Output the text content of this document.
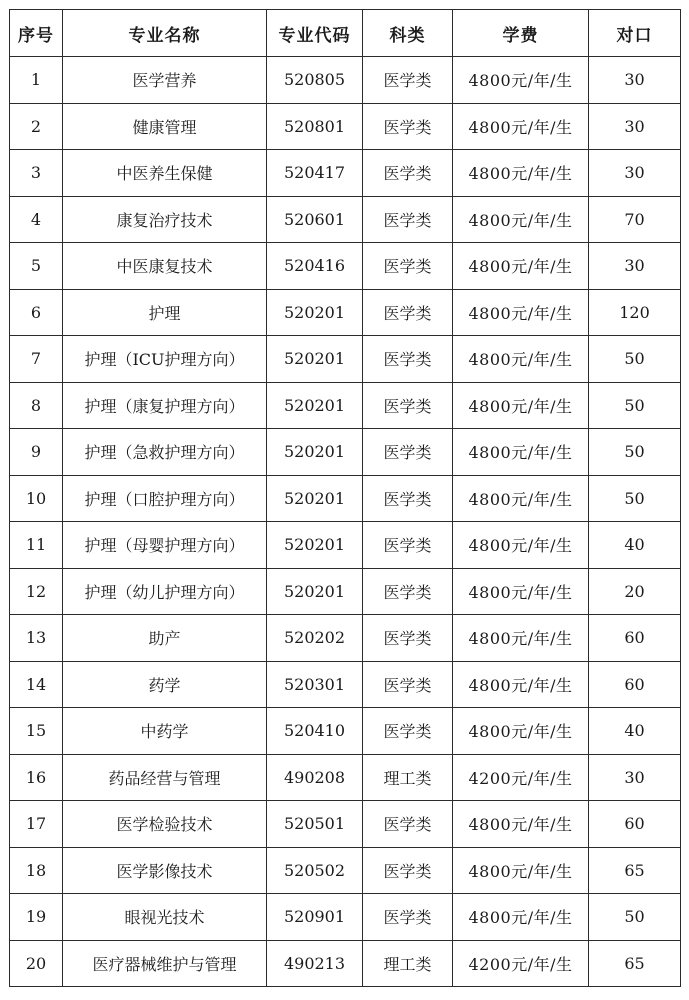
序号	专业名称	专业代码	科类	学费	对口
1	医学营养	520805	医学类	4800元/年/生	30
2	健康管理	520801	医学类	4800元/年/生	30
3	中医养生保健	520417	医学类	4800元/年/生	30
4	康复治疗技术	520601	医学类	4800元/年/生	70
5	中医康复技术	520416	医学类	4800元/年/生	30
6	护理	520201	医学类	4800元/年/生	120
7	护理（ICU护理方向）	520201	医学类	4800元/年/生	50
8	护理（康复护理方向）	520201	医学类	4800元/年/生	50
9	护理（急救护理方向）	520201	医学类	4800元/年/生	50
10	护理（口腔护理方向）	520201	医学类	4800元/年/生	50
11	护理（母婴护理方向）	520201	医学类	4800元/年/生	40
12	护理（幼儿护理方向）	520201	医学类	4800元/年/生	20
13	助产	520202	医学类	4800元/年/生	60
14	药学	520301	医学类	4800元/年/生	60
15	中药学	520410	医学类	4800元/年/生	40
16	药品经营与管理	490208	理工类	4200元/年/生	30
17	医学检验技术	520501	医学类	4800元/年/生	60
18	医学影像技术	520502	医学类	4800元/年/生	65
19	眼视光技术	520901	医学类	4800元/年/生	50
20	医疗器械维护与管理	490213	理工类	4200元/年/生	65
